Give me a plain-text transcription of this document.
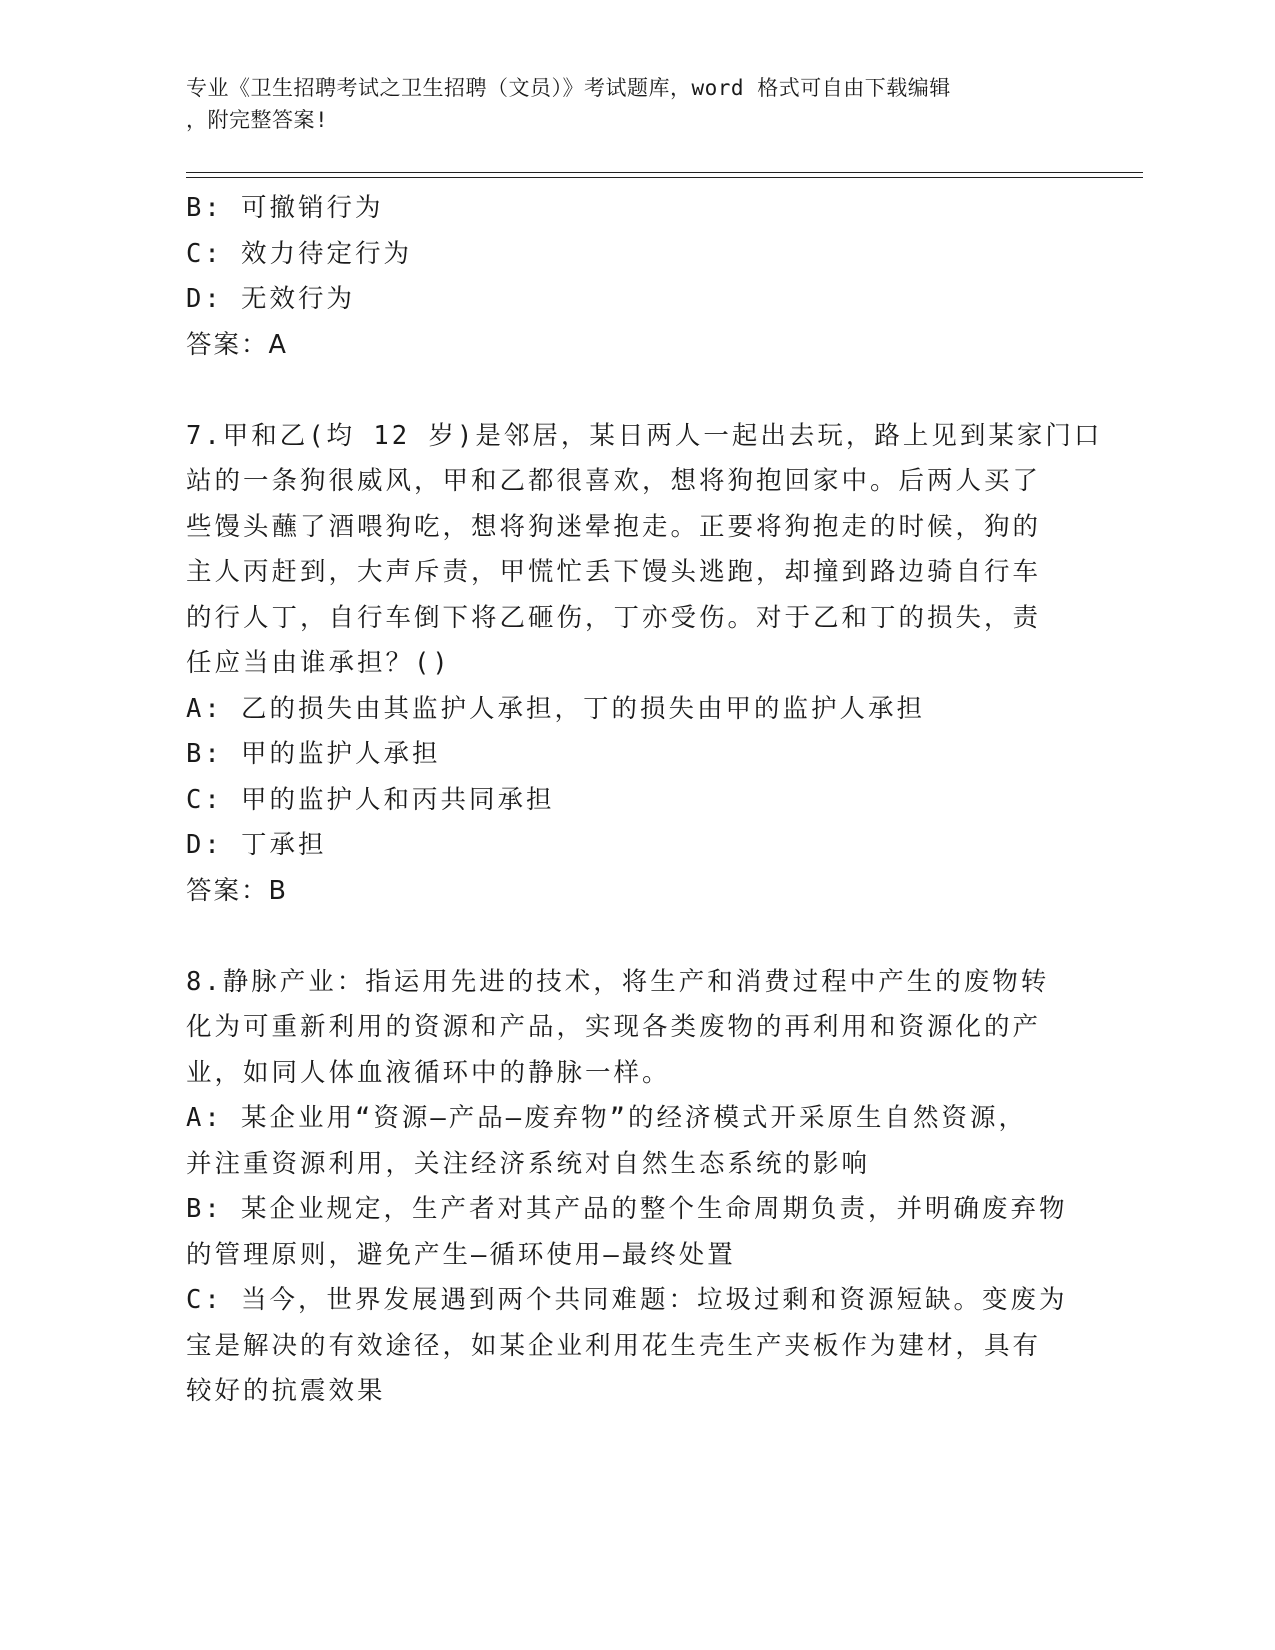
专业《卫生招聘考试之卫生招聘（文员）》考试题库，word 格式可自由下载编辑
，附完整答案!
B: 可撤销行为
C: 效力待定行为
D: 无效行为
答案：A
7.甲和乙(均 12 岁)是邻居，某日两人一起出去玩，路上见到某家门口
站的一条狗很威风，甲和乙都很喜欢，想将狗抱回家中。后两人买了
些馒头蘸了酒喂狗吃，想将狗迷晕抱走。正要将狗抱走的时候，狗的
主人丙赶到，大声斥责，甲慌忙丢下馒头逃跑，却撞到路边骑自行车
的行人丁，自行车倒下将乙砸伤，丁亦受伤。对于乙和丁的损失，责
任应当由谁承担？()
A: 乙的损失由其监护人承担，丁的损失由甲的监护人承担
B: 甲的监护人承担
C: 甲的监护人和丙共同承担
D: 丁承担
答案：B
8.静脉产业：指运用先进的技术，将生产和消费过程中产生的废物转
化为可重新利用的资源和产品，实现各类废物的再利用和资源化的产
业，如同人体血液循环中的静脉一样。
A: 某企业用“资源—产品—废弃物”的经济模式开采原生自然资源，
并注重资源利用，关注经济系统对自然生态系统的影响
B: 某企业规定，生产者对其产品的整个生命周期负责，并明确废弃物
的管理原则，避免产生—循环使用—最终处置
C: 当今，世界发展遇到两个共同难题：垃圾过剩和资源短缺。变废为
宝是解决的有效途径，如某企业利用花生壳生产夹板作为建材，具有
较好的抗震效果
